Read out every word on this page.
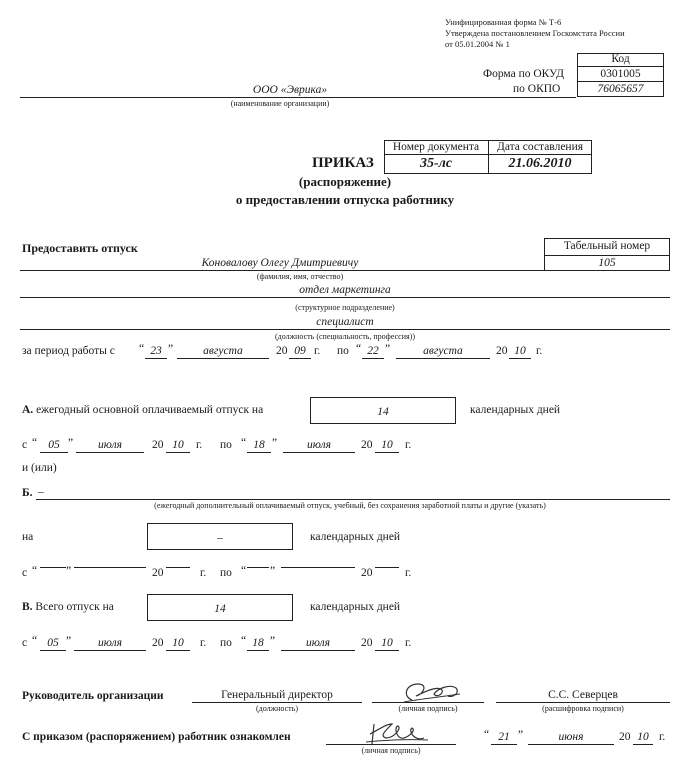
Унифицированная форма № Т-6
Утверждена постановлением Госкомстата России
от 05.01.2004 № 1
Код
Форма по ОКУД	0301005
по ОКПО	76065657
ООО «Эврика»
(наименование организации)
Номер документа	Дата составления
35-лс	21.06.2010
ПРИКАЗ
(распоряжение)
о предоставлении отпуска работнику
Предоставить отпуск	Табельный номер
105
Коновалову Олегу Дмитриевичу
(фамилия, имя, отчество)
отдел маркетинга
(структурное подразделение)
специалист
(должность (специальность, профессия))
за период работы с “ 23 ”	августа	20 09 г. по “ 22 ”	августа	20 10 г.
А. ежегодный основной оплачиваемый отпуск на	14	календарных дней
с “ 05 ”	июля	20 10	г. по “ 18 ”	июля	20 10	г.
и (или)
Б. –
(ежегодный дополнительный оплачиваемый отпуск, учебный, без сохранения заработной платы и другие (указать)
на	–	календарных дней
с “	”	20	г. по “ ”	20	г.
В. Всего отпуск на	14	календарных дней
с “ 05 ”	июля	20 10	г. по “ 18 ”	июля	20 10	г.
Руководитель организации	Генеральный директор
(должность)	(личная подпись)
С.С. Северцев
(расшифровка подписи)
С приказом (распоряжением) работник ознакомлен
(личная подпись)
“ 21 ”	июня	20 10 г.
